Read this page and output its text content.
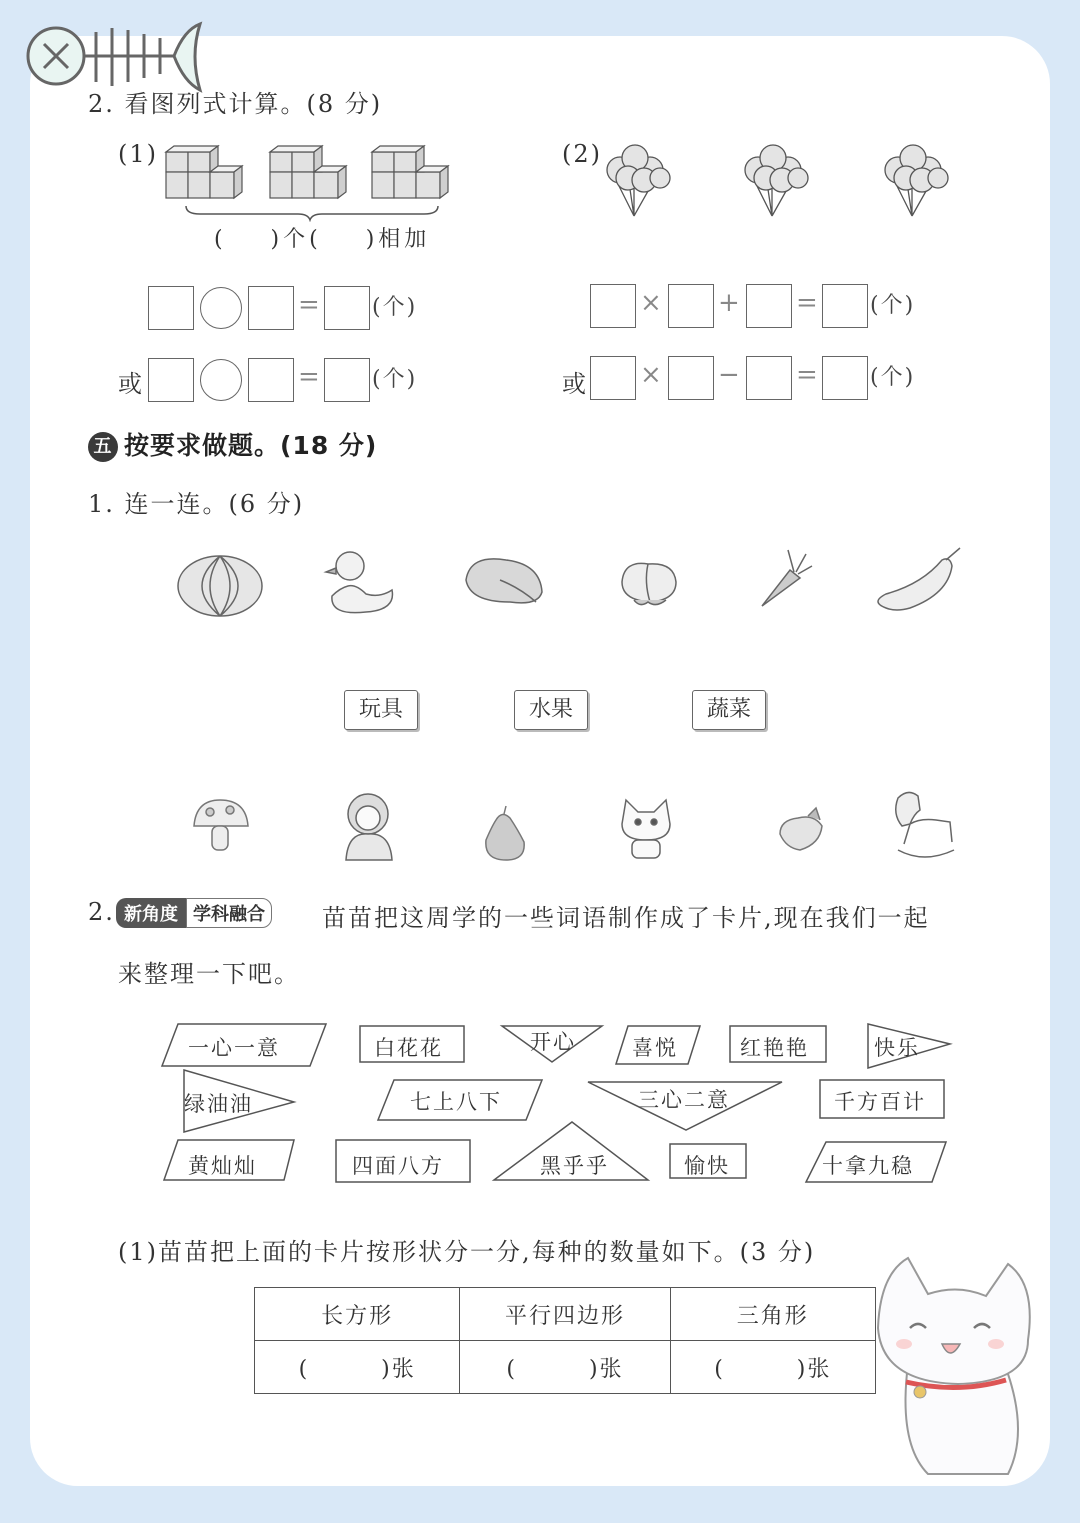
2. 看图列式计算。(8 分)
(1)
(    )个(    )相加
= (个)
或	= (个)
(2)
× + = (个)
或 × − = (个)
五 按要求做题。(18 分)
1. 连一连。(6 分)
玩具	水果	蔬菜
2. 新角度 学科融合 苗苗把这周学的一些词语制作成了卡片,现在我们一起
来整理一下吧。
一心一意	白花花	开心	喜悦	红艳艳	快乐
绿油油	七上八下	三心二意	千方百计
黄灿灿	四面八方	黑乎乎	愉快	十拿九稳
(1)苗苗把上面的卡片按形状分一分,每种的数量如下。(3 分)
长方形	平行四边形	三角形
(        )张	(        )张	(        )张
